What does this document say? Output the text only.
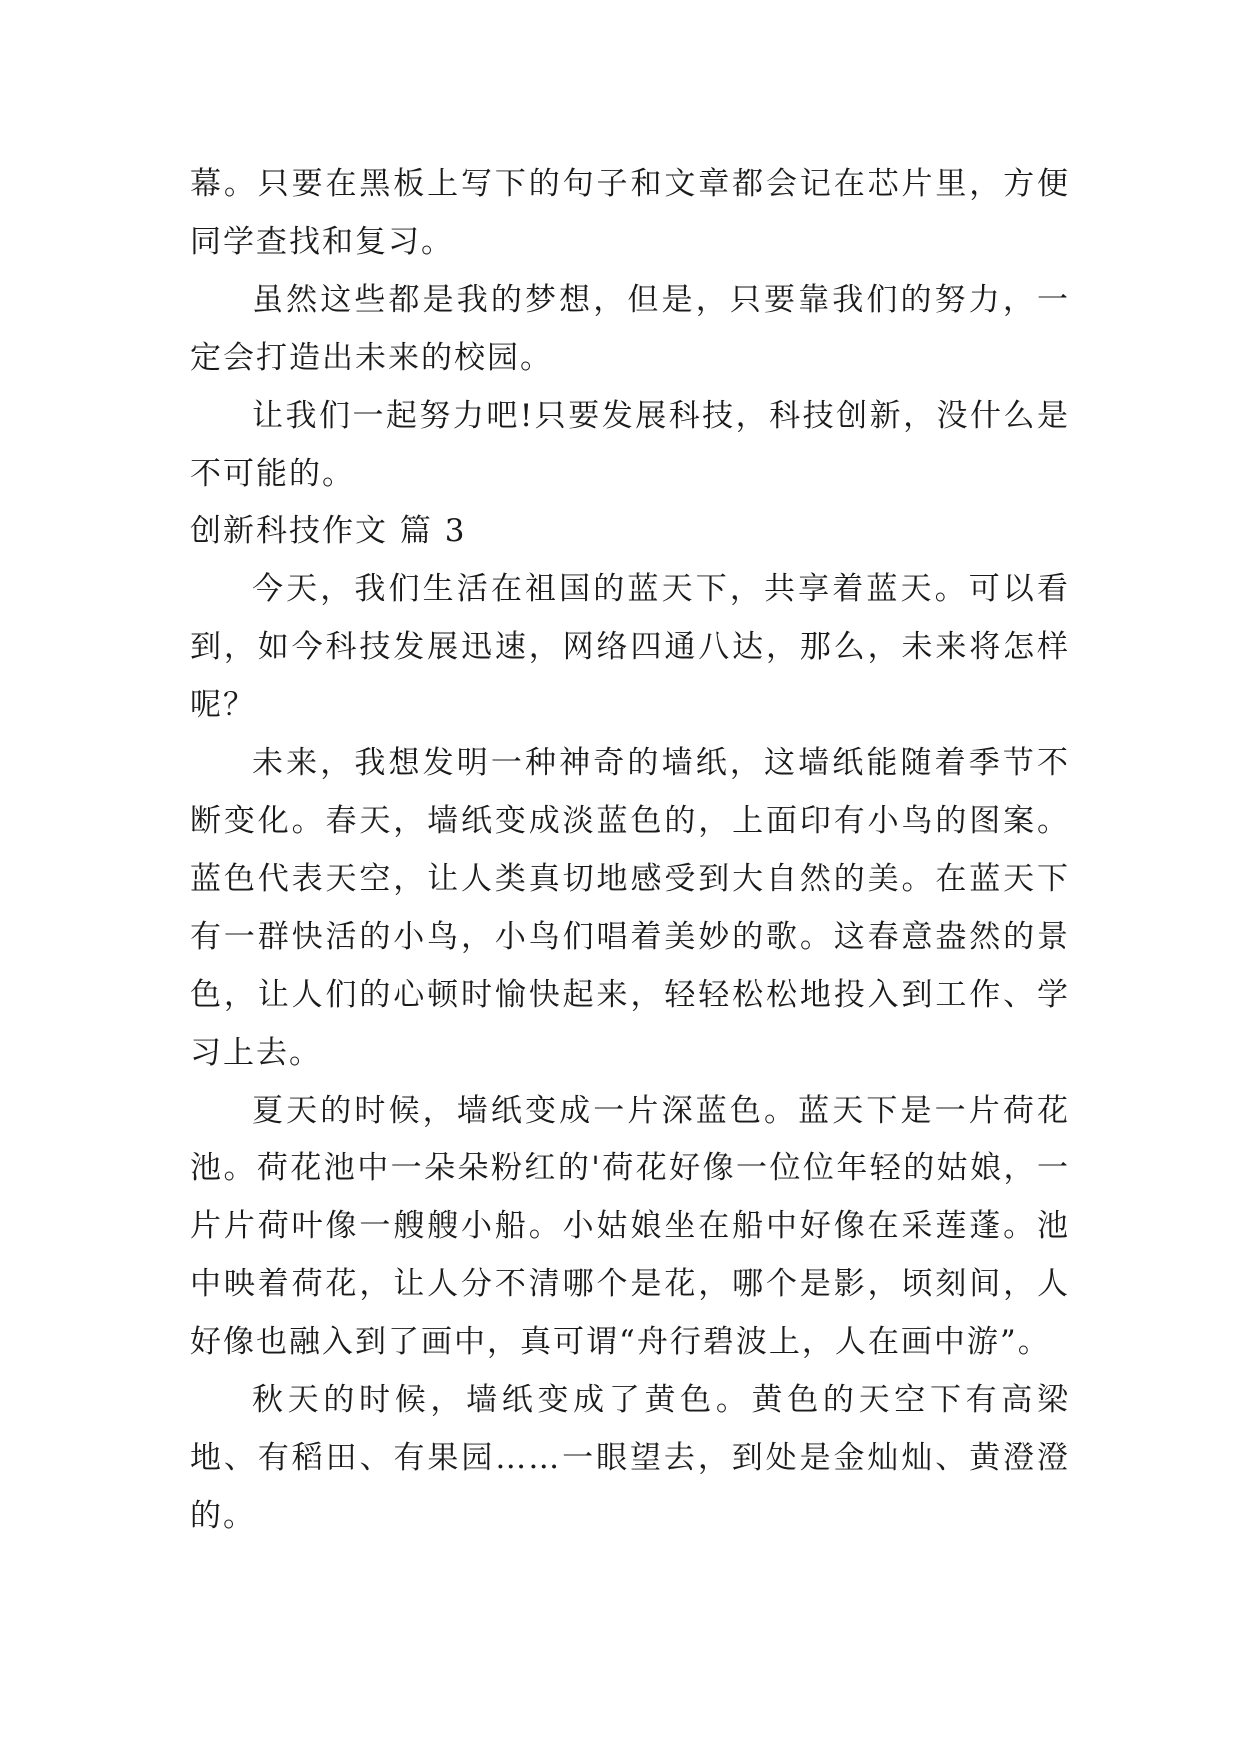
幕。只要在黑板上写下的句子和文章都会记在芯片里，方便同学查找和复习。

虽然这些都是我的梦想，但是，只要靠我们的努力，一定会打造出未来的校园。

让我们一起努力吧!只要发展科技，科技创新，没什么是不可能的。

创新科技作文 篇 3

今天，我们生活在祖国的蓝天下，共享着蓝天。可以看到，如今科技发展迅速，网络四通八达，那么，未来将怎样呢？

未来，我想发明一种神奇的墙纸，这墙纸能随着季节不断变化。春天，墙纸变成淡蓝色的，上面印有小鸟的图案。蓝色代表天空，让人类真切地感受到大自然的美。在蓝天下有一群快活的小鸟，小鸟们唱着美妙的歌。这春意盎然的景色，让人们的心顿时愉快起来，轻轻松松地投入到工作、学习上去。

夏天的时候，墙纸变成一片深蓝色。蓝天下是一片荷花池。荷花池中一朵朵粉红的'荷花好像一位位年轻的姑娘，一片片荷叶像一艘艘小船。小姑娘坐在船中好像在采莲蓬。池中映着荷花，让人分不清哪个是花，哪个是影，顷刻间，人好像也融入到了画中，真可谓“舟行碧波上，人在画中游”。

秋天的时候，墙纸变成了黄色。黄色的天空下有高梁地、有稻田、有果园……一眼望去，到处是金灿灿、黄澄澄的。
